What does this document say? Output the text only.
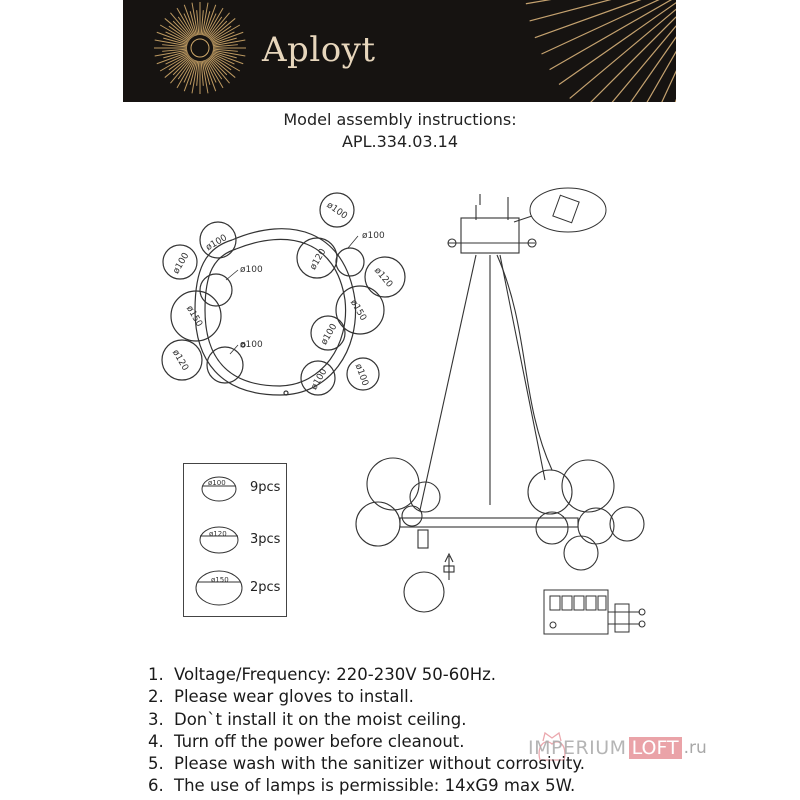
Aployt
Model assembly instructions:
APL.334.03.14
ø100
ø100
ø100
ø120
ø150
ø120
ø120
ø150
ø100
ø100	ø100
ø100
ø100
ø100
9pcs
ø100
3pcs
ø120
2pcs
ø150
1. Voltage/Frequency: 220-230V 50-60Hz.
2. Please wear gloves to install.
3. Don`t install it on the moist ceiling.
4. Turn off the power before cleanout.
5. Please wash with the sanitizer without corrosivity.
6. The use of lamps is permissible: 14xG9 max 5W.
IMPERIUM LOFT .ru
